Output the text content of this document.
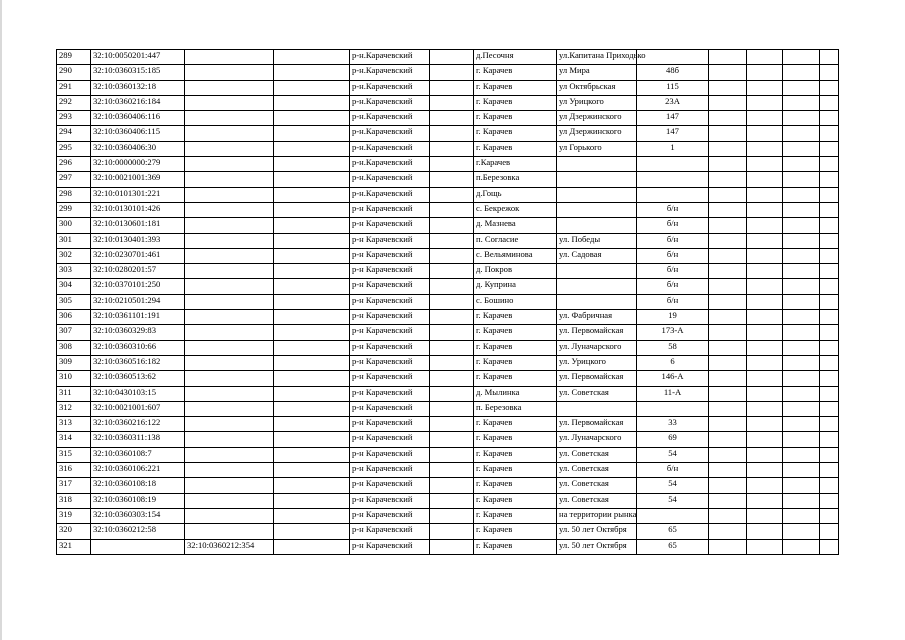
289	32:10:0050201:447			р-н.Карачевский		д.Песочня	ул.Капитана Приходько					
290	32:10:0360315:185			р-н.Карачевский		г. Карачев	ул Мира	48б				
291	32:10:0360132:18			р-н.Карачевский		г. Карачев	ул Октябрьская	115				
292	32:10:0360216:184			р-н.Карачевский		г. Карачев	ул Урицкого	23А				
293	32:10:0360406:116			р-н.Карачевский		г. Карачев	ул Дзержинского	147				
294	32:10:0360406:115			р-н.Карачевский		г. Карачев	ул Дзержинского	147				
295	32:10:0360406:30			р-н.Карачевский		г. Карачев	ул Горького	1				
296	32:10:0000000:279			р-н.Карачевский		г.Карачев						
297	32:10:0021001:369			р-н.Карачевский		п.Березовка						
298	32:10:0101301:221			р-н.Карачевский		д.Гощь						
299	32:10:0130101:426			р-н Карачевский		с. Бекрежок		б/н				
300	32:10:0130601:181			р-н Карачевский		д. Мазнева		б/н				
301	32:10:0130401:393			р-н Карачевский		п. Согласие	ул. Победы	б/н				
302	32:10:0230701:461			р-н Карачевский		с. Вельяминова	ул. Садовая	б/н				
303	32:10:0280201:57			р-н Карачевский		д. Покров		б/н				
304	32:10:0370101:250			р-н Карачевский		д. Куприна		б/н				
305	32:10:0210501:294			р-н Карачевский		с. Бошино		б/н				
306	32:10:0361101:191			р-н Карачевский		г. Карачев	ул. Фабричная	19				
307	32:10:0360329:83			р-н Карачевский		г. Карачев	ул. Первомайская	173-А				
308	32:10:0360310:66			р-н Карачевский		г. Карачев	ул. Луначарского	58				
309	32:10:0360516:182			р-н Карачевский		г. Карачев	ул. Урицкого	6				
310	32:10:0360513:62			р-н Карачевский		г. Карачев	ул. Первомайская	146-А				
311	32:10:0430103:15			р-н Карачевский		д. Мылинка	ул. Советская	11-А				
312	32:10:0021001:607			р-н Карачевский		п. Березовка						
313	32:10:0360216:122			р-н Карачевский		г. Карачев	ул. Первомайская	33				
314	32:10:0360311:138			р-н Карачевский		г. Карачев	ул. Луначарского	69				
315	32:10:0360108:7			р-н Карачевский		г. Карачев	ул. Советская	54				
316	32:10:0360106:221			р-н Карачевский		г. Карачев	ул. Советская	б/н				
317	32:10:0360108:18			р-н Карачевский		г. Карачев	ул. Советская	54				
318	32:10:0360108:19			р-н Карачевский		г. Карачев	ул. Советская	54				
319	32:10:0360303:154			р-н Карачевский		г. Карачев	на территории рынка					
320	32:10:0360212:58			р-н Карачевский		г. Карачев	ул. 50 лет Октября	65				
321		32:10:0360212:354		р-н Карачевский		г. Карачев	ул. 50 лет Октября	65				
